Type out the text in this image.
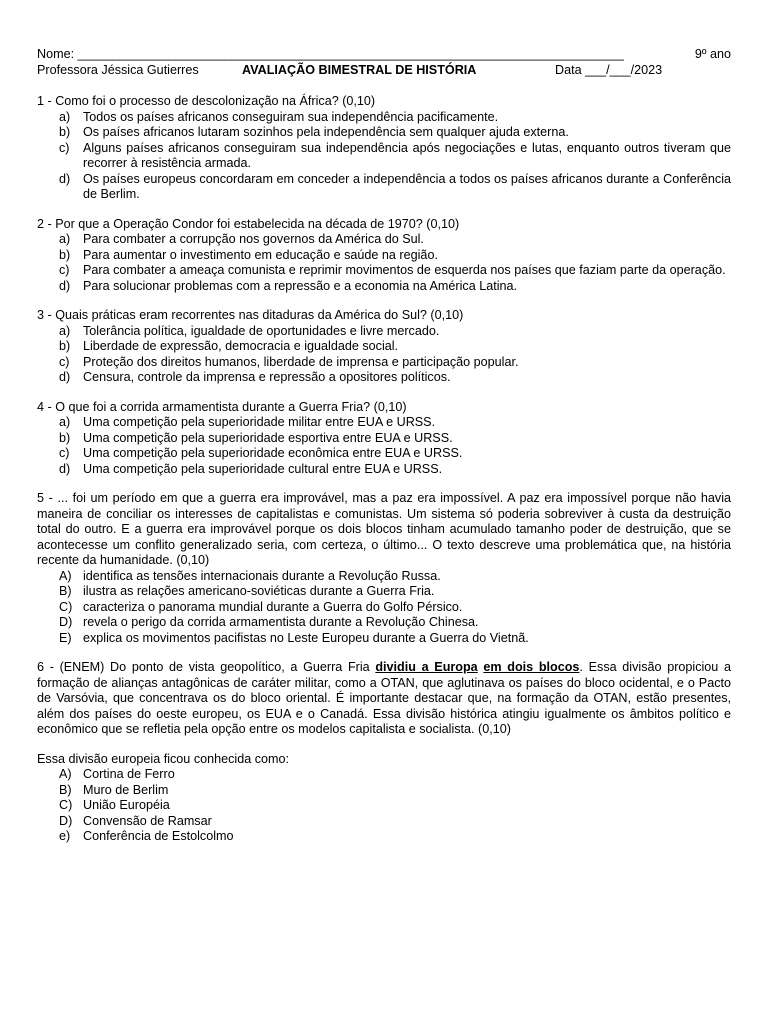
Nome: ______________________________________________________________________________	9º ano
Professora Jéssica Gutierres	AVALIAÇÃO BIMESTRAL DE HISTÓRIA	Data ___/___/2023
1 - Como foi o processo de descolonização na África? (0,10)
a)	Todos os países africanos conseguiram sua independência pacificamente.
b)	Os países africanos lutaram sozinhos pela independência sem qualquer ajuda externa.
c)	Alguns países africanos conseguiram sua independência após negociações e lutas, enquanto outros tiveram que recorrer à resistência armada.
d)	Os países europeus concordaram em conceder a independência a todos os países africanos durante a Conferência de Berlim.
2 - Por que a Operação Condor foi estabelecida na década de 1970? (0,10)
a)	Para combater a corrupção nos governos da América do Sul.
b)	Para aumentar o investimento em educação e saúde na região.
c)	Para combater a ameaça comunista e reprimir movimentos de esquerda nos países que faziam parte da operação.
d)	Para solucionar problemas com a repressão e a economia na América Latina.
3 - Quais práticas eram recorrentes nas ditaduras da América do Sul? (0,10)
a)	Tolerância política, igualdade de oportunidades e livre mercado.
b)	Liberdade de expressão, democracia e igualdade social.
c)	Proteção dos direitos humanos, liberdade de imprensa e participação popular.
d)	Censura, controle da imprensa e repressão a opositores políticos.
4 - O que foi a corrida armamentista durante a Guerra Fria? (0,10)
a)	Uma competição pela superioridade militar entre EUA e URSS.
b)	Uma competição pela superioridade esportiva entre EUA e URSS.
c)	Uma competição pela superioridade econômica entre EUA e URSS.
d)	Uma competição pela superioridade cultural entre EUA e URSS.
5 - ... foi um período em que a guerra era improvável, mas a paz era impossível. A paz era impossível porque não havia maneira de conciliar os interesses de capitalistas e comunistas. Um sistema só poderia sobreviver à custa da destruição total do outro. E a guerra era improvável porque os dois blocos tinham acumulado tamanho poder de destruição, que se acontecesse um conflito generalizado seria, com certeza, o último... O texto descreve uma problemática que, na história recente da humanidade. (0,10)
A) identifica as tensões internacionais durante a Revolução Russa.
B) ilustra as relações americano-soviéticas durante a Guerra Fria.
C) caracteriza o panorama mundial durante a Guerra do Golfo Pérsico.
D) revela o perigo da corrida armamentista durante a Revolução Chinesa.
E) explica os movimentos pacifistas no Leste Europeu durante a Guerra do Vietnã.
6 - (ENEM) Do ponto de vista geopolítico, a Guerra Fria dividiu a Europa em dois blocos. Essa divisão propiciou a formação de alianças antagônicas de caráter militar, como a OTAN, que aglutinava os países do bloco ocidental, e o Pacto de Varsóvia, que concentrava os do bloco oriental. É importante destacar que, na formação da OTAN, estão presentes, além dos países do oeste europeu, os EUA e o Canadá. Essa divisão histórica atingiu igualmente os âmbitos político e econômico que se refletia pela opção entre os modelos capitalista e socialista. (0,10)
Essa divisão europeia ficou conhecida como:
A) Cortina de Ferro
B) Muro de Berlim
C) União Européia
D) Convensão de Ramsar
e)	Conferência de Estolcolmo
